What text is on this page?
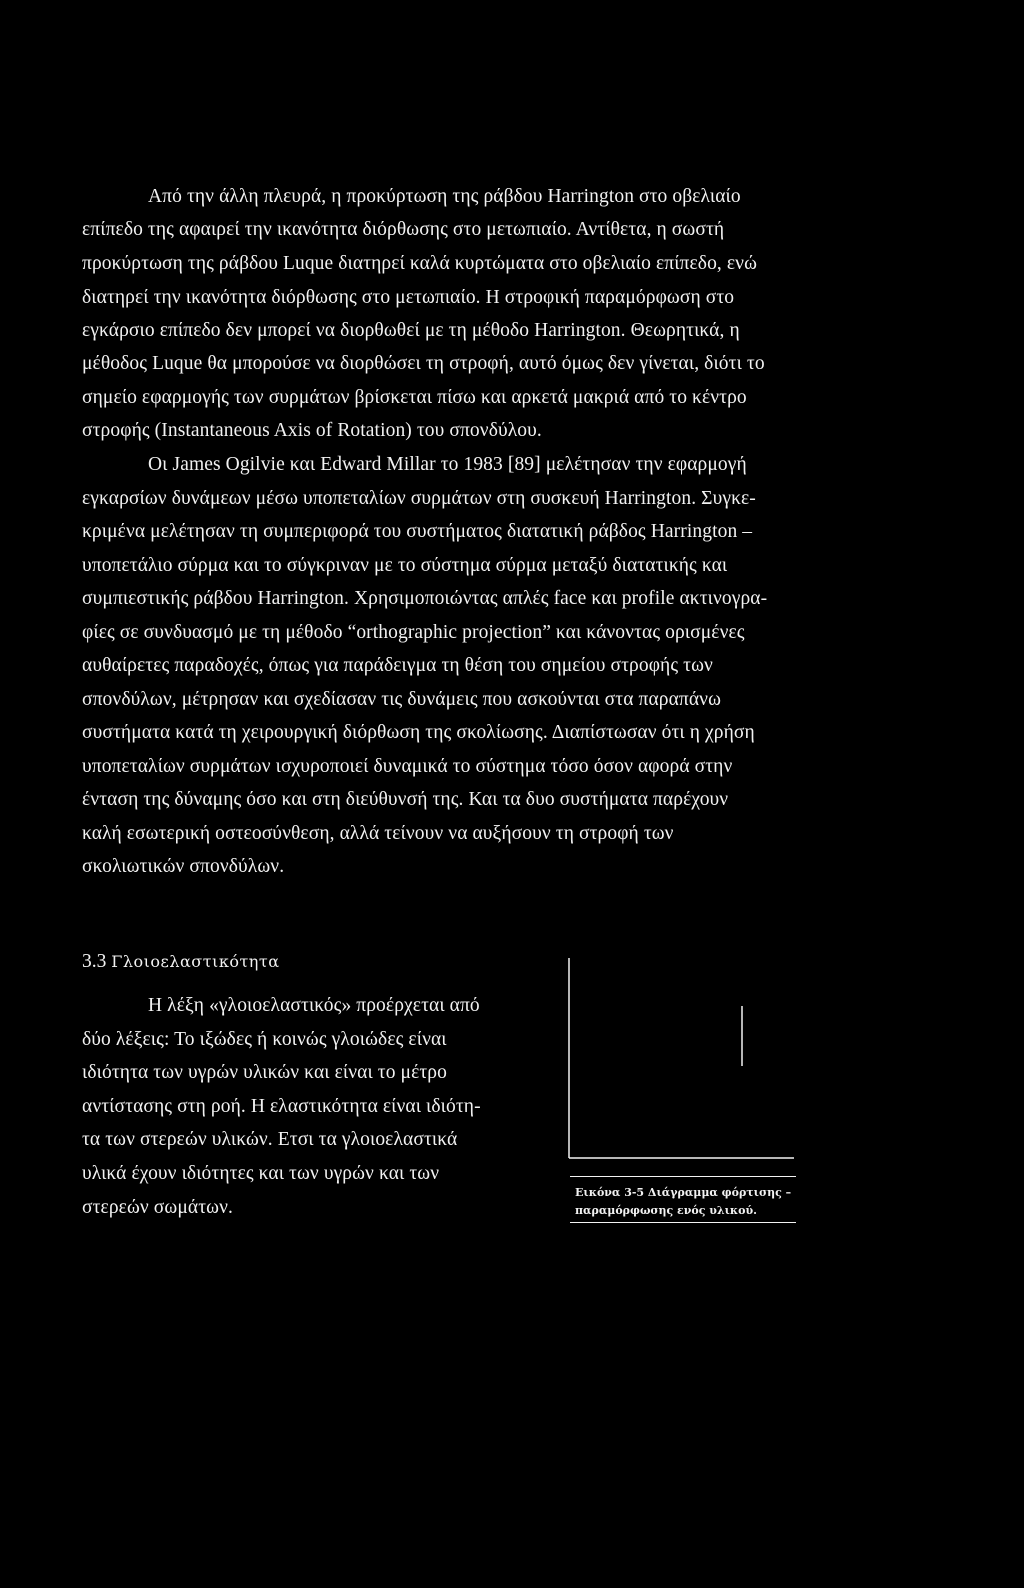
Από την άλλη πλευρά, η προκύρτωση της ράβδου Harrington στο οβελιαίο
επίπεδο της αφαιρεί την ικανότητα διόρθωσης στο μετωπιαίο. Αντίθετα, η σωστή
προκύρτωση της ράβδου Luque διατηρεί καλά κυρτώματα στο οβελιαίο επίπεδο, ενώ
διατηρεί την ικανότητα διόρθωσης στο μετωπιαίο. Η στροφική παραμόρφωση στο
εγκάρσιο επίπεδο δεν μπορεί να διορθωθεί με τη μέθοδο Harrington. Θεωρητικά, η
μέθοδος Luque θα μπορούσε να διορθώσει τη στροφή, αυτό όμως δεν γίνεται, διότι το
σημείο εφαρμογής των συρμάτων βρίσκεται πίσω και αρκετά μακριά από το κέντρο
στροφής (Instantaneous Axis of Rotation) του σπονδύλου.
Οι James Ogilvie και Edward Millar το 1983 [89] μελέτησαν την εφαρμογή
εγκαρσίων δυνάμεων μέσω υποπεταλίων συρμάτων στη συσκευή Harrington. Συγκε-
κριμένα μελέτησαν τη συμπεριφορά του συστήματος διατατική ράβδος Harrington –
υποπετάλιο σύρμα και το σύγκριναν με το σύστημα σύρμα μεταξύ διατατικής και
συμπιεστικής ράβδου Harrington. Χρησιμοποιώντας απλές face και profile ακτινογρα-
φίες σε συνδυασμό με τη μέθοδο “orthographic projection” και κάνοντας ορισμένες
αυθαίρετες παραδοχές, όπως για παράδειγμα τη θέση του σημείου στροφής των
σπονδύλων, μέτρησαν και σχεδίασαν τις δυνάμεις που ασκούνται στα παραπάνω
συστήματα κατά τη χειρουργική διόρθωση της σκολίωσης. Διαπίστωσαν ότι η χρήση
υποπεταλίων συρμάτων ισχυροποιεί δυναμικά το σύστημα τόσο όσον αφορά στην
ένταση της δύναμης όσο και στη διεύθυνσή της. Και τα δυο συστήματα παρέχουν
καλή εσωτερική οστεοσύνθεση, αλλά τείνουν να αυξήσουν τη στροφή των
σκολιωτικών σπονδύλων.
3.3 Γλοιοελαστικότητα
Η λέξη «γλοιοελαστικός» προέρχεται από
δύο λέξεις: Το ιξώδες ή κοινώς γλοιώδες είναι
ιδιότητα των υγρών υλικών και είναι το μέτρο
αντίστασης στη ροή. Η ελαστικότητα είναι ιδιότη-
τα των στερεών υλικών. Ετσι τα γλοιοελαστικά
υλικά έχουν ιδιότητες και των υγρών και των
στερεών σωμάτων.
Εικόνα 3-5 Διάγραμμα φόρτισης –
παραμόρφωσης ενός υλικού.
